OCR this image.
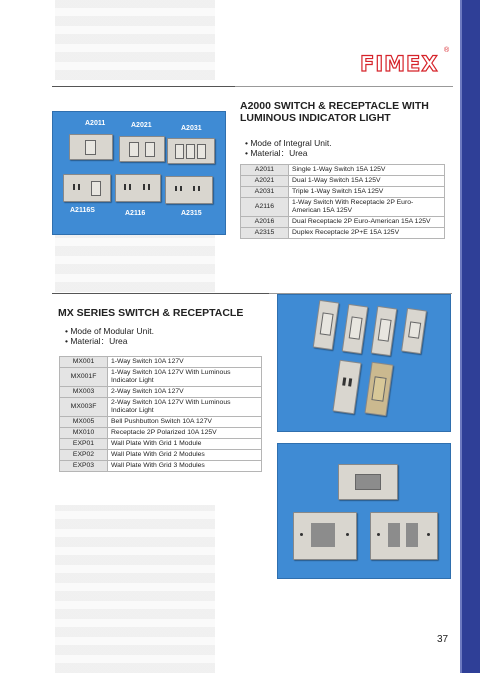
FIMEX
®
A2011	A2021	A2031
A2116S	A2116	A2315
A2000 SWITCH & RECEPTACLE WITH LUMINOUS INDICATOR LIGHT
• Mode of Integral Unit.
• Material：Urea
A2011	Single 1-Way Switch 15A 125V
A2021	Dual 1-Way Switch 15A 125V
A2031	Triple 1-Way Switch 15A 125V
A2116	1-Way Switch With Receptacle 2P Euro-American 15A 125V
A2016	Dual Receptacle 2P Euro-American 15A 125V
A2315	Duplex Receptacle 2P+E 15A 125V
MX SERIES SWITCH & RECEPTACLE
• Mode of Modular Unit.
• Material：Urea
MX001	1-Way Switch 10A 127V
MX001F	1-Way Switch 10A 127V With Luminous Indicator Light
MX003	2-Way Switch 10A 127V
MX003F	2-Way Switch 10A 127V With Luminous Indicator Light
MX005	Bell Pushbutton Switch 10A 127V
MX010	Receptacle 2P Polarized 10A 125V
EXP01	Wall Plate With Grid 1 Module
EXP02	Wall Plate With Grid 2 Modules
EXP03	Wall Plate With Grid 3 Modules
37
